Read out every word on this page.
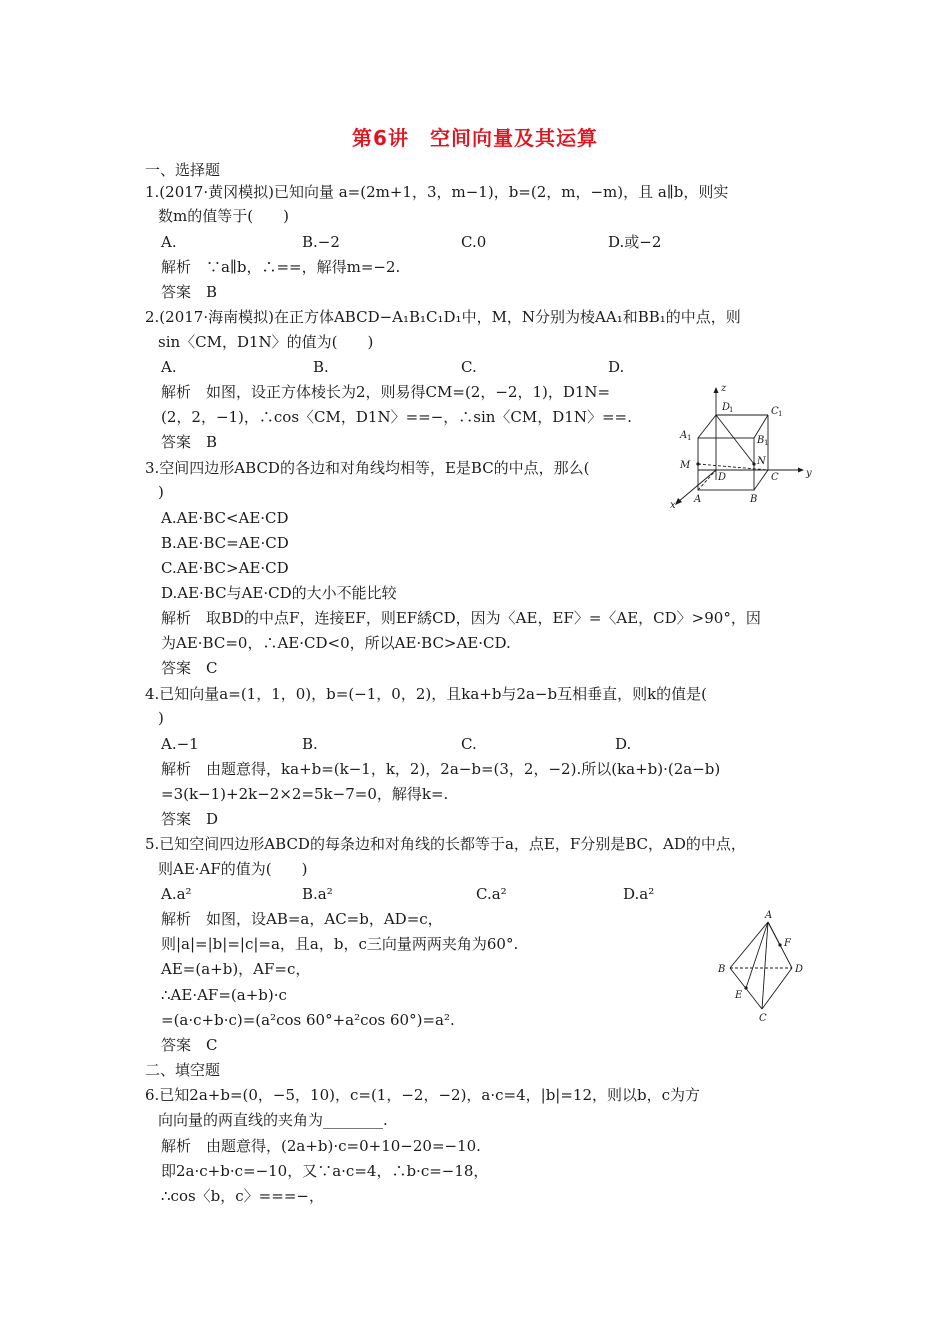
第6讲　空间向量及其运算
一、选择题
1.(2017·黄冈模拟)已知向量 a=(2m+1，3，m−1)，b=(2，m，−m)，且 a∥b，则实
数m的值等于(　　)
A.	B.−2	C.0	D.或−2
解析　∵a∥b，∴==，解得m=−2.
答案　B
2.(2017·海南模拟)在正方体ABCD−A₁B₁C₁D₁中，M，N分别为棱AA₁和BB₁的中点，则
sin〈CM，D1N〉的值为(　　)
A.	B.	C.	D.
解析　如图，设正方体棱长为2，则易得CM=(2，−2，1)，D1N=
(2，2，−1)，∴cos〈CM，D1N〉==−，∴sin〈CM，D1N〉==.
答案　B
z
y
x
D
1	C 1
A 1	B 1
M	N
D	C
A	B
3.空间四边形ABCD的各边和对角线均相等，E是BC的中点，那么(
)
A.AE·BC<AE·CD
B.AE·BC=AE·CD
C.AE·BC>AE·CD
D.AE·BC与AE·CD的大小不能比较
解析　取BD的中点F，连接EF，则EF綉CD，因为〈AE，EF〉=〈AE，CD〉>90°，因
为AE·BC=0，∴AE·CD<0，所以AE·BC>AE·CD.
答案　C
4.已知向量a=(1，1，0)，b=(−1，0，2)，且ka+b与2a−b互相垂直，则k的值是(
)
A.−1	B.	C.	D.
解析　由题意得，ka+b=(k−1，k，2)，2a−b=(3，2，−2).所以(ka+b)·(2a−b)
=3(k−1)+2k−2×2=5k−7=0，解得k=.
答案　D
5.已知空间四边形ABCD的每条边和对角线的长都等于a，点E，F分别是BC，AD的中点，
则AE·AF的值为(　　)
A.a²	B.a²	C.a²	D.a²
解析　如图，设AB=a，AC=b，AD=c，
则|a|=|b|=|c|=a，且a，b，c三向量两两夹角为60°.
AE=(a+b)，AF=c，
∴AE·AF=(a+b)·c
=(a·c+b·c)=(a²cos 60°+a²cos 60°)=a².
答案　C
A
B
C
D
E
F
二、填空题
6.已知2a+b=(0，−5，10)，c=(1，−2，−2)，a·c=4，|b|=12，则以b，c为方
向向量的两直线的夹角为________.
解析　由题意得，(2a+b)·c=0+10−20=−10.
即2a·c+b·c=−10，又∵a·c=4，∴b·c=−18，
∴cos〈b，c〉===−，
